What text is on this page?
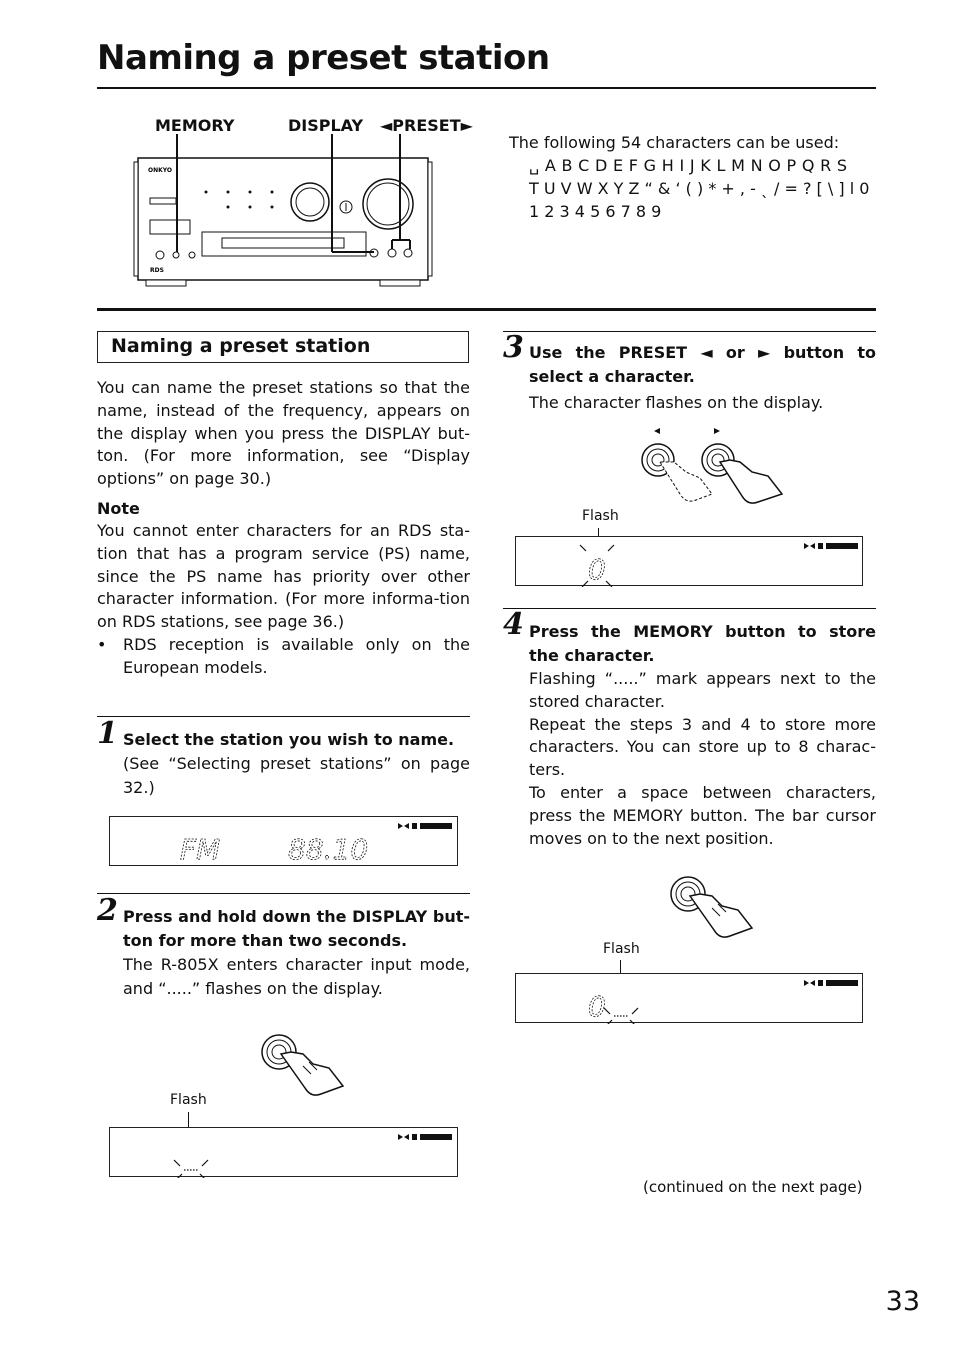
Naming a preset station
MEMORY	DISPLAY ◄PRESET►
ONKYO
RDS
The following 54 characters can be used:
␣ A B C D E F G H I J K L M N O P Q R S
T U V W X Y Z “ & ‘ ( ) * + , - ˎ / = ? [ \ ] l 0
1 2 3 4 5 6 7 8 9
Naming a preset station
You can name the preset stations so that the name, instead of the frequency, appears on the display when you press the DISPLAY but-ton. (For more information, see “Display options” on page 30.)
Note
You cannot enter characters for an RDS sta-tion that has a program service (PS) name, since the PS name has priority over other character information. (For more informa-tion on RDS stations, see page 36.)
•	RDS reception is available only on the European models.
1 Select the station you wish to name.
(See “Selecting preset stations” on page 32.)
FM 88.10
2 Press and hold down the DISPLAY but-ton for more than two seconds.
The R-805X enters character input mode, and “.....” flashes on the display.
Flash
3 Use the PRESET ◄ or ► button to select a character.
The character flashes on the display.
Flash
0
4 Press the MEMORY button to store the character.
Flashing “.....” mark appears next to the stored character.
Repeat the steps 3 and 4 to store more characters. You can store up to 8 charac-ters.
To enter a space between characters, press the MEMORY button. The bar cursor moves on to the next position.
Flash
0
(continued on the next page)
33
